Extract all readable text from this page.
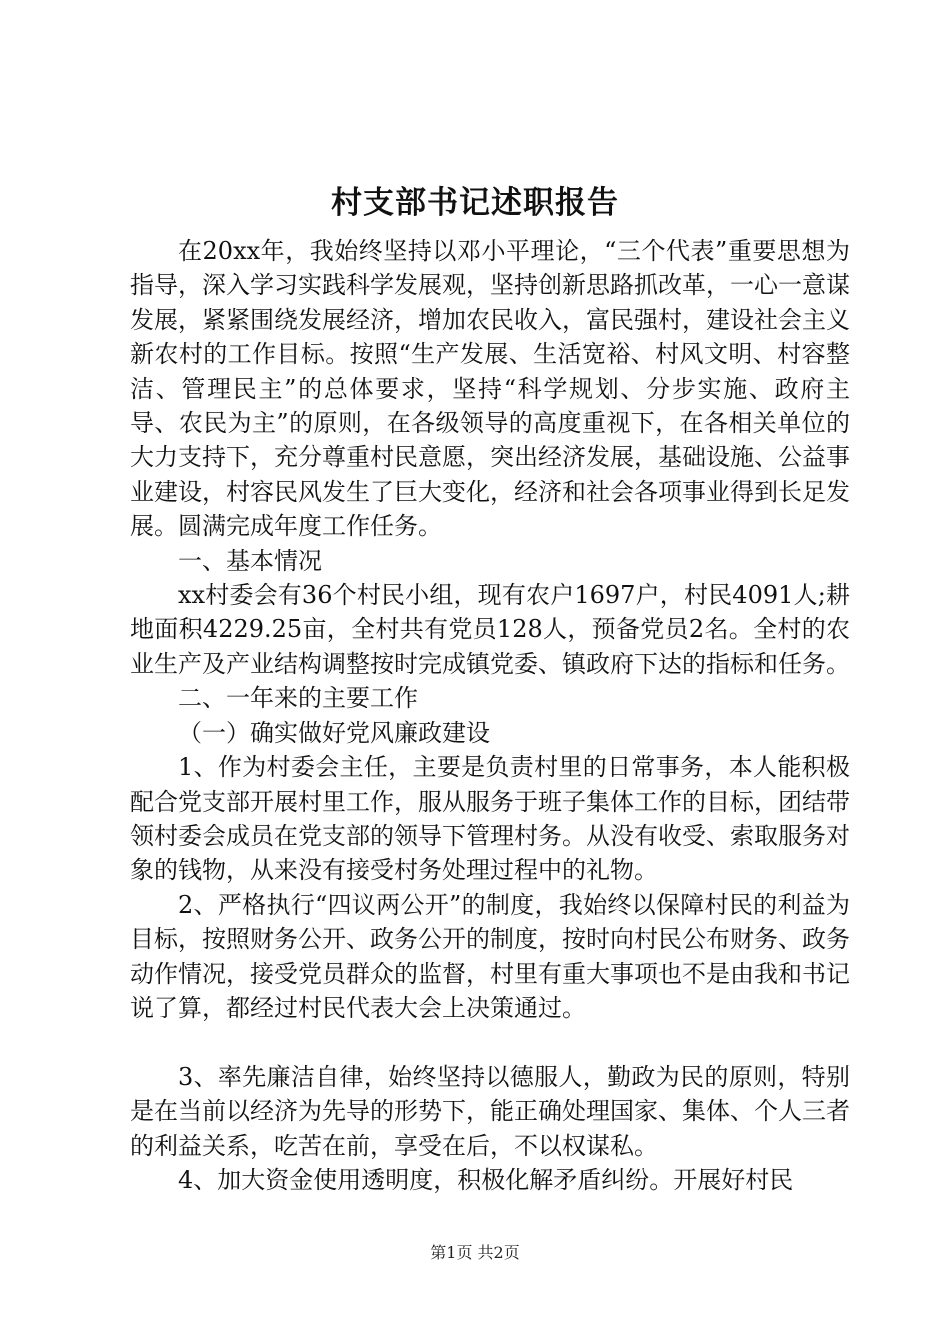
村支部书记述职报告

在20xx年，我始终坚持以邓小平理论，“三个代表”重要思想为指导，深入学习实践科学发展观，坚持创新思路抓改革，一心一意谋发展，紧紧围绕发展经济，增加农民收入，富民强村，建设社会主义新农村的工作目标。按照“生产发展、生活宽裕、村风文明、村容整洁、管理民主”的总体要求，坚持“科学规划、分步实施、政府主导、农民为主”的原则，在各级领导的高度重视下，在各相关单位的大力支持下，充分尊重村民意愿，突出经济发展，基础设施、公益事业建设，村容民风发生了巨大变化，经济和社会各项事业得到长足发展。圆满完成年度工作任务。

一、基本情况

xx村委会有36个村民小组，现有农户1697户，村民4091人;耕地面积4229.25亩，全村共有党员128人，预备党员2名。全村的农业生产及产业结构调整按时完成镇党委、镇政府下达的指标和任务。

二、一年来的主要工作

（一）确实做好党风廉政建设

1、作为村委会主任，主要是负责村里的日常事务，本人能积极配合党支部开展村里工作，服从服务于班子集体工作的目标，团结带领村委会成员在党支部的领导下管理村务。从没有收受、索取服务对象的钱物，从来没有接受村务处理过程中的礼物。

2、严格执行“四议两公开”的制度，我始终以保障村民的利益为目标，按照财务公开、政务公开的制度，按时向村民公布财务、政务动作情况，接受党员群众的监督，村里有重大事项也不是由我和书记说了算，都经过村民代表大会上决策通过。

3、率先廉洁自律，始终坚持以德服人，勤政为民的原则，特别是在当前以经济为先导的形势下，能正确处理国家、集体、个人三者的利益关系，吃苦在前，享受在后，不以权谋私。

4、加大资金使用透明度，积极化解矛盾纠纷。开展好村民

第1页 共2页
